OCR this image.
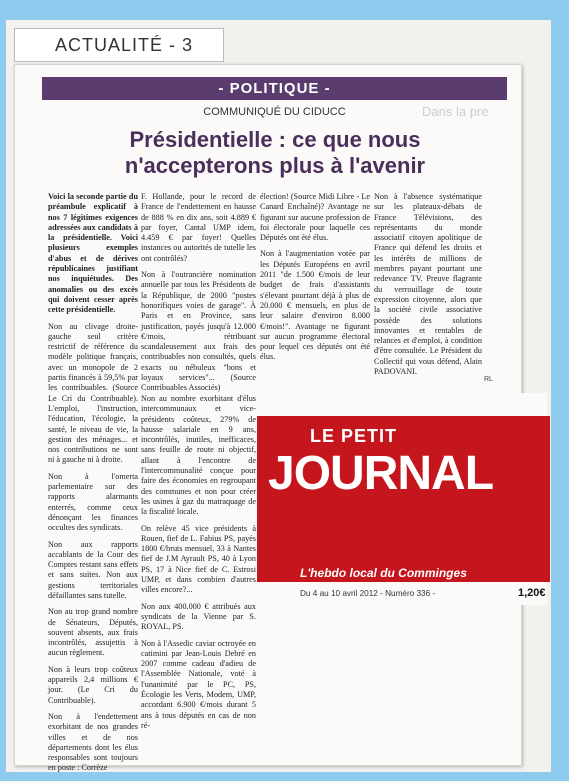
ACTUALITÉ - 3
- POLITIQUE -
Dans la pre
COMMUNIQUÉ DU CIDUCC
Présidentielle : ce que nous n'accepterons plus à l'avenir

Voici la seconde partie du préambule explicatif à nos 7 légitimes exigences adressées aux candidats à la présidentielle. Voici plusieurs exemples d'abus et de dérives républicaines justifiant nos inquiétudes. Des anomalies ou des excès qui doivent cesser après cette présidentielle.

Non au clivage droite-gauche seul critère restrictif de référence du modèle politique français, avec un monopole de 2 partis financés à 59,5% par les contribuables. (Source Le Cri du Contribuable). L'emploi, l'instruction, l'éducation, l'écologie, la santé, le niveau de vie, la gestion des ménages... et nos contributions ne sont ni à gauche ni à droite.

Non à l'omerta parlementaire sur des rapports alarmants enterrés, comme ceux dénonçant les finances occultes des syndicats.

Non aux rapports accablants de la Cour des Comptes restant sans effets et sans suites. Non aux gestions territoriales défaillantes sans tutelle.

Non au trop grand nombre de Sénateurs, Députés, souvent absents, aux frais incontrôlés, assujettis à aucun règlement.

Non à leurs trop coûteux appareils 2,4 millions € jour. (Le Cri du Contribuable).

Non à l'endettement exorbitant de nos grandes villes et de nos départements dont les élus responsables sont toujours en poste : Corrèze

F. Hollande, pour le record de France de l'endettement en hausse de 888 % en dix ans, soit 4.889 € par foyer, Cantal UMP idem, 4.459 € par foyer! Quelles instances ou autorités de tutelle les ont contrôlés?

Non à l'outrancière nomination annuelle par tous les Présidents de la République, de 2000 "postes honorifiques voies de garage". À Paris et en Province, sans justification, payés jusqu'à 12.000 €/mois, rétribuant scandaleusement aux frais des contribuables non consultés, quels exacts ou nébuleux "bons et loyaux services"... (Source Contribuables Associés)

élection! (Source Midi Libre - Le Canard Enchaîné)? Avantage ne figurant sur aucune profession de foi électorale pour laquelle ces Députés ont été élus.

Non à l'augmentation votée par les Députés Européens en avril 2011 "de 1.500 €/mois de leur budget de frais d'assistants s'élevant pourtant déjà à plus de 20.000 € mensuels, en plus de leur salaire d'environ 8.000 €/mois!". Avantage ne figurant sur aucun programme électoral pour lequel ces députés ont été élus.

Non à l'absence systématique sur les plateaux-débats de France Télévisions, des représentants du monde associatif citoyen apolitique de France qui défend les droits et les intérêts de millions de membres payant pourtant une redevance TV. Preuve flagrante du verrouillage de toute expression citoyenne, alors que la société civile associative possède des solutions innovantes et rentables de relances et d'emploi, à condition d'être consultée. Le Président du Collectif qui vous défend, Alain PADOVANI.

RL

Non au nombre exorbitant d'élus intercommunaux et vice-présidents coûteux, 279% de hausse salariale en 9 ans, incontrôlés, inutiles, inefficaces, sans feuille de route ni objectif, allant à l'encontre de l'intercommunalité conçue pour faire des économies en regroupant des communes et non pour créer les usines à gaz du matraquage de la fiscalité locale.

On relève 45 vice présidents à Rouen, fief de L. Fabius PS, payés 1800 €/bruts mensuel, 33 à Nantes fief de J.M Ayrault PS, 40 à Lyon PS, 17 à Nice fief de C. Estrosi UMP, et dans combien d'autres villes encore?...

Non aux 400.000 € attribués aux syndicats de la Vienne par S. ROYAL, PS.

Non à l'Assedic caviar octroyée en catimini par Jean-Louis Debré en 2007 comme cadeau d'adieu de l'Assemblée Nationale, voté à l'unanimité par le PC, PS, Écologie les Verts, Modem, UMP, accordant 6.900 €/mois durant 5 ans à tous députés en cas de non ré-

LE PETIT
JOURNAL
L'hebdo local du Comminges
Du 4 au 10 avril 2012 - Numéro 336 -	1,20€
